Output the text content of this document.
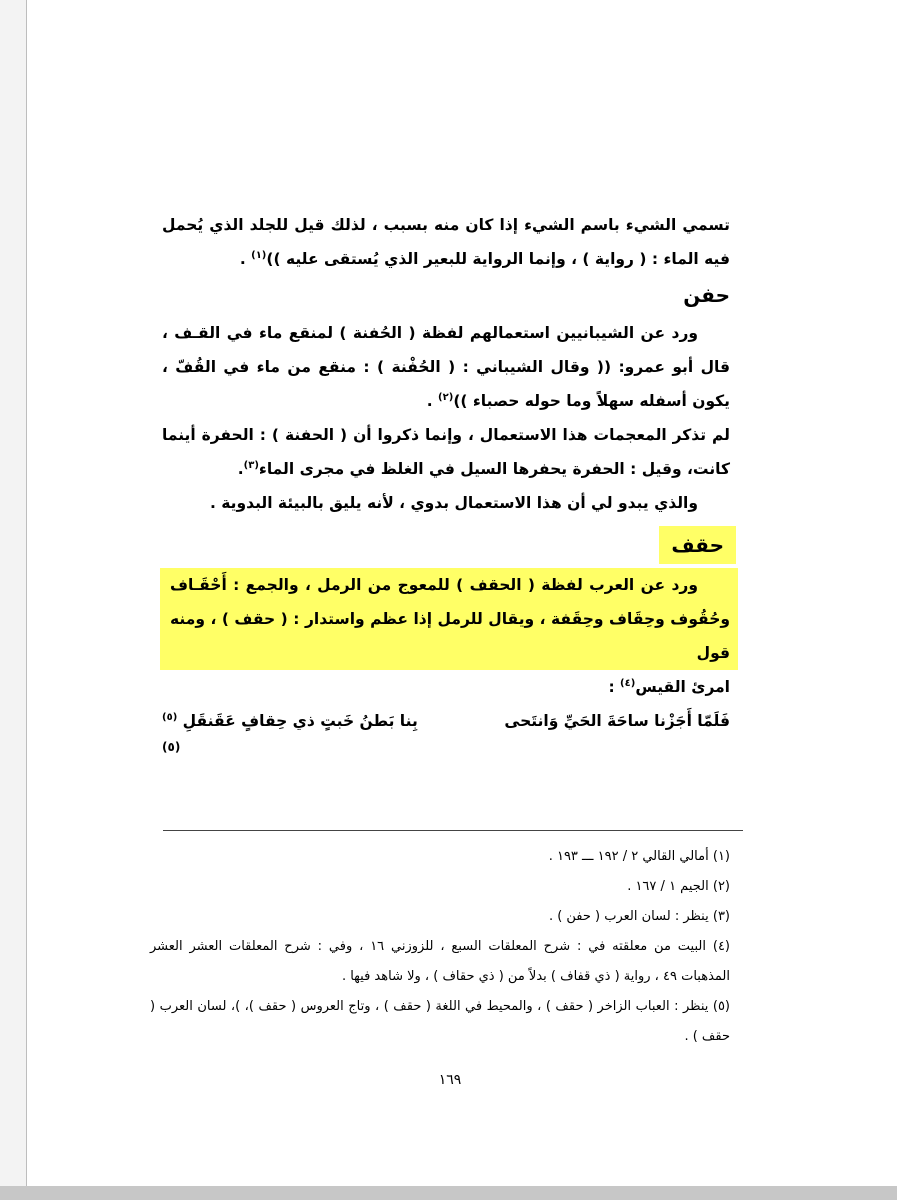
تسمي الشيء باسم الشيء إذا كان منه بسبب ، لذلك قيل للجلد الذي يُحمل فيه الماء : ( رواية ) ، وإنما الرواية للبعير الذي يُستقى عليه ))$^{(١)}$ .

حفن

ورد عن الشيبانيين استعمالهم لفظة ( الحُفنة ) لمنقع ماء في القـف ، قال أبو عمرو: (( وقال الشيباني : ( الحُفْنة ) : منقع من ماء في القُفّ ، يكون أسفله سهلاً وما حوله حصباء ))$^{(٢)}$ .

لم تذكر المعجمات هذا الاستعمال ، وإنما ذكروا أن ( الحفنة ) : الحفرة أينما كانت، وقيل : الحفرة يحفرها السيل في الغلظ في مجرى الماء$^{(٣)}$.

والذي يبدو لي أن هذا الاستعمال بدوي ، لأنه يليق بالبيئة البدوية .

حقف
ورد عن العرب لفظة ( الحقف ) للمعوج من الرمل ، والجمع : أَحْقَـاف وحُقُوف وحِقَاف وحِقَفة ، ويقال للرمل إذا عظم واستدار : ( حقف ) ، ومنه قول

امرئ القيس$^{(٤)}$ :

فَلَمّا أَجَزْنا ساحَةَ الحَيِّ وَانتَحى
بِنا بَطنُ خَبتٍ ذي حِقافٍ عَقَنقَلِ $^{(٥)}$
(٥)

(١) أمالي القالي ٢ / ١٩٢ ـــ ١٩٣ .

(٢) الجيم ١ / ١٦٧ .

(٣) ينظر : لسان العرب ( حفن ) .

(٤) البيت من معلقته في : شرح المعلقات السبع ، للزوزني ١٦ ، وفي : شرح المعلقات العشر العشر المذهبات ٤٩ ، رواية ( ذي قفاف ) بدلاً من ( ذي حقاف ) ، ولا شاهد فيها .

(٥) ينظر : العباب الزاخر ( حقف ) ، والمحيط في اللغة ( حقف ) ، وتاج العروس ( حقف )، )، لسان العرب ( حقف ) .

١٦٩
